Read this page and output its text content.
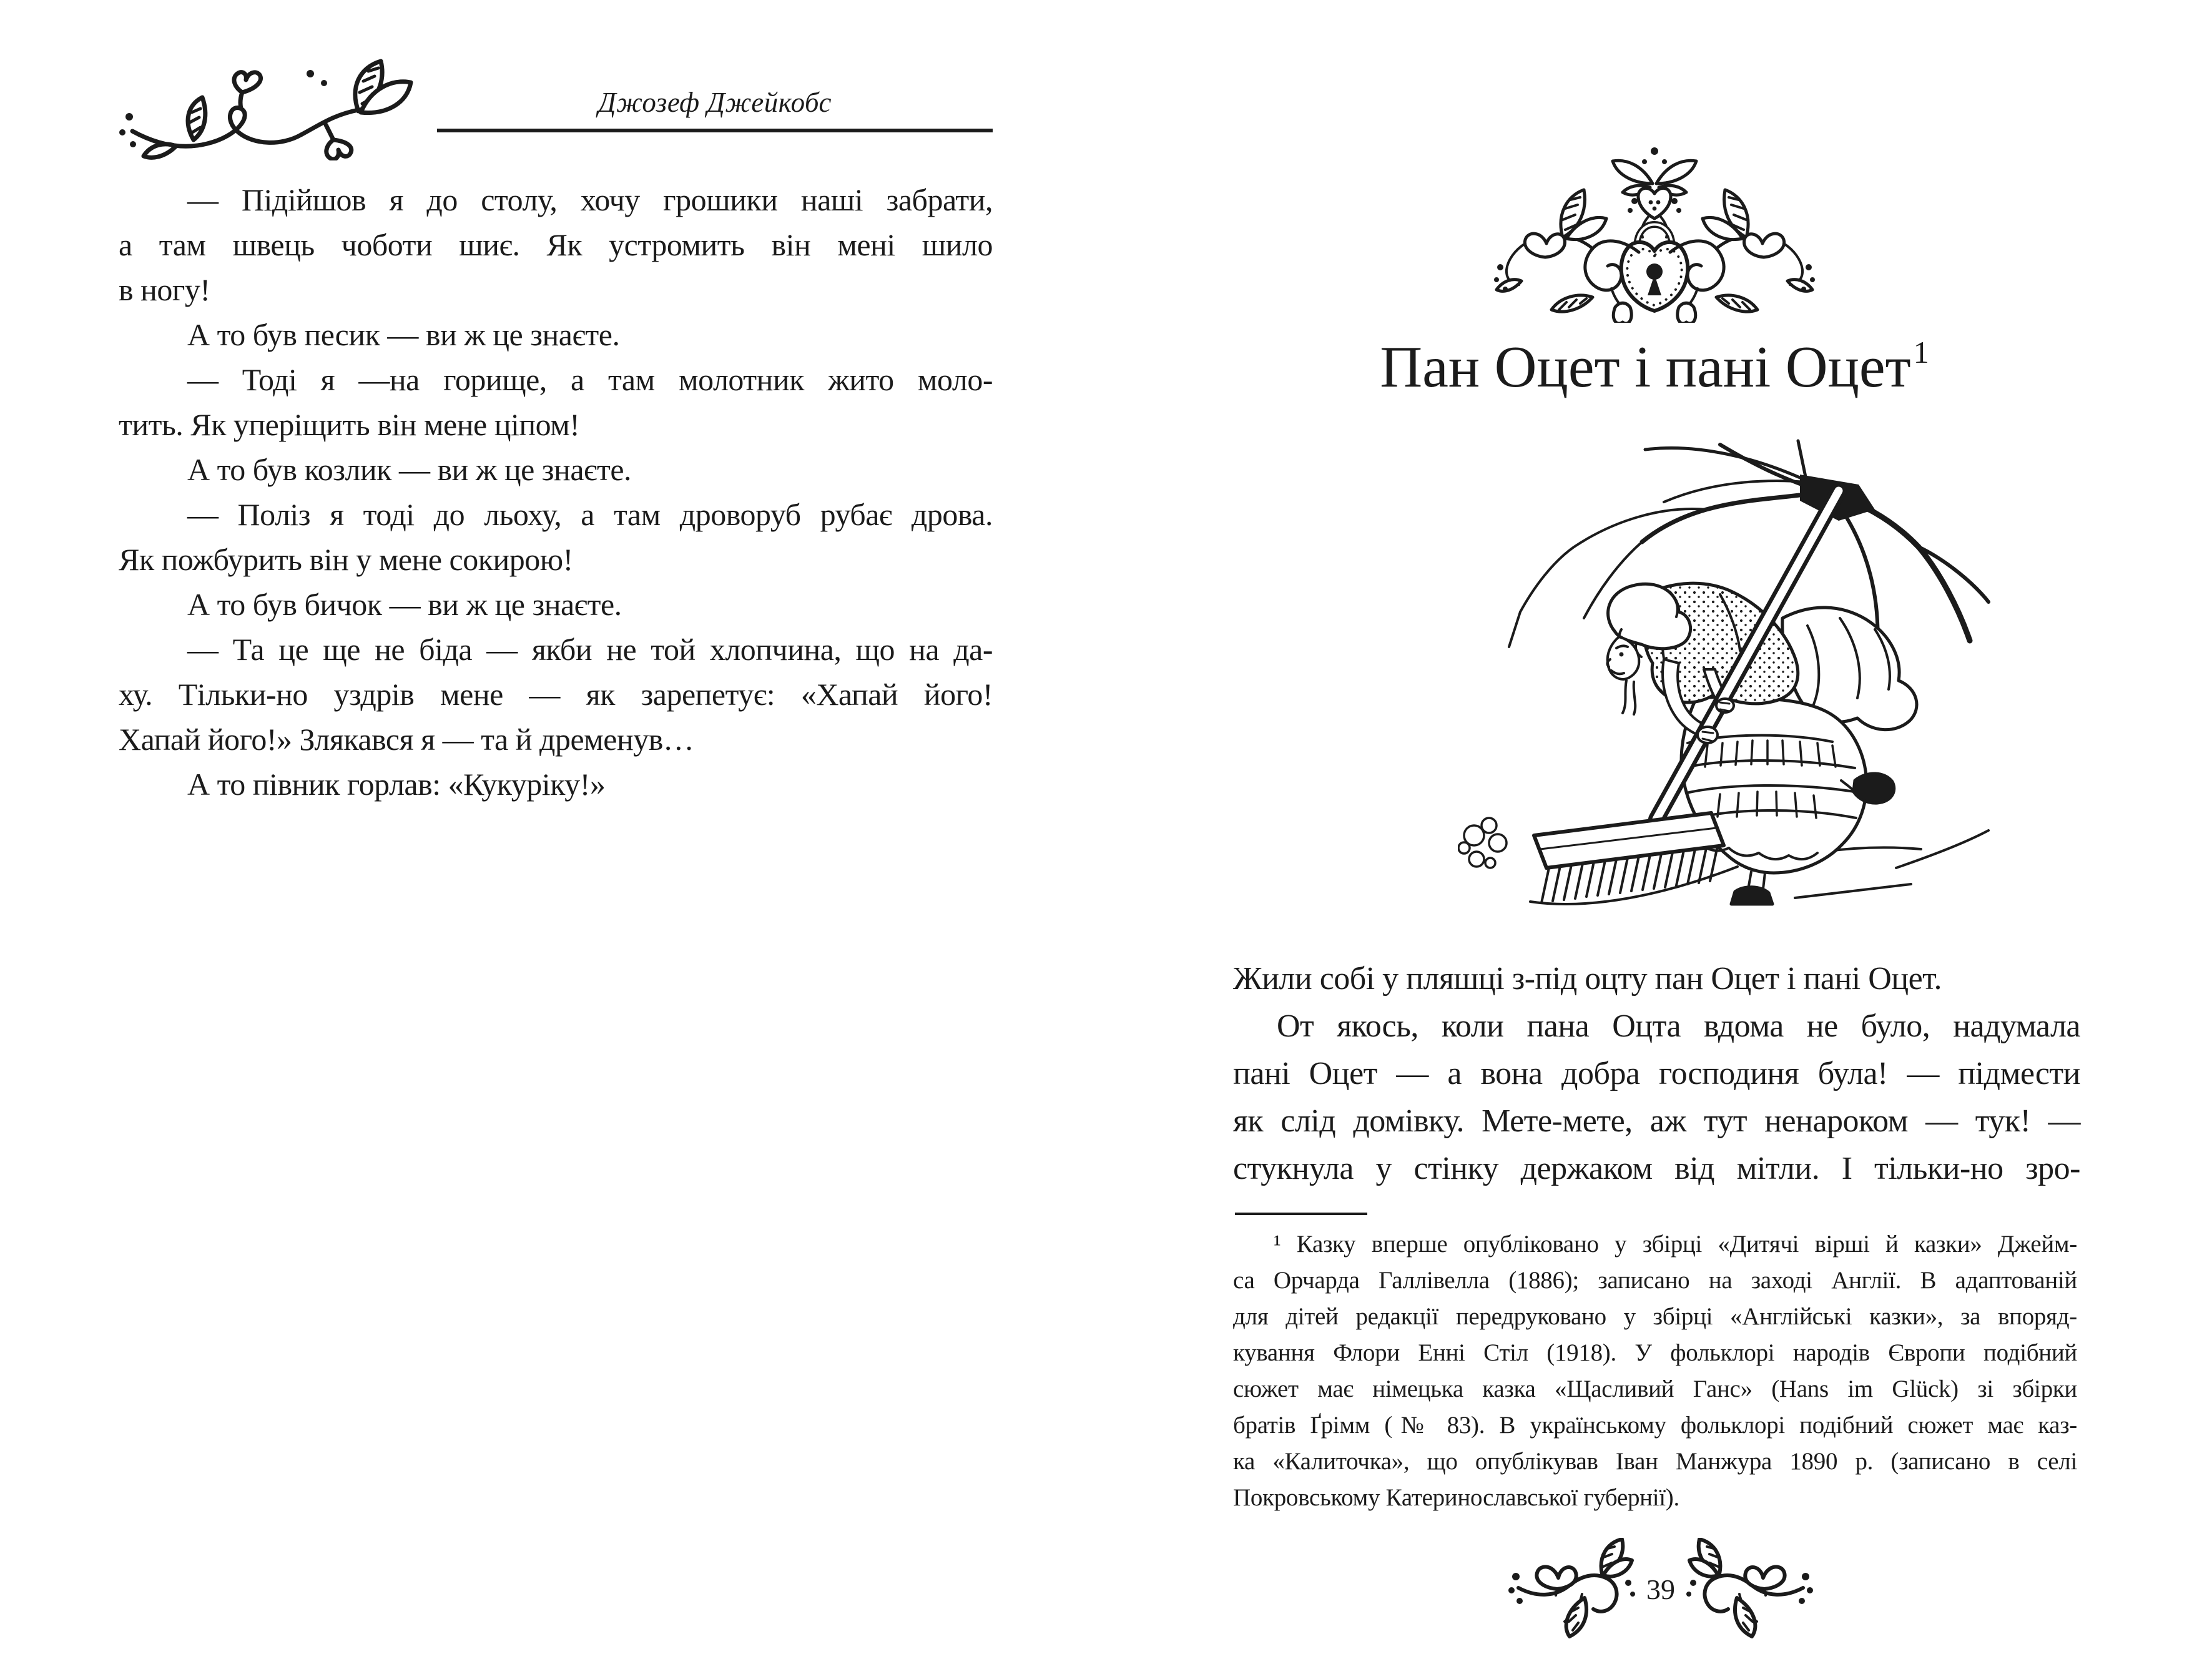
Джозеф Джейкобс
— Підійшов я до столу, хочу грошики наші забрати,
а там швець чоботи шиє. Як устромить він мені шило
в ногу!
А то був песик — ви ж це знаєте.
— Тоді я —на горище, а там молотник жито моло-
тить. Як уперіщить він мене ціпом!
А то був козлик — ви ж це знаєте.
— Поліз я тоді до льоху, а там дроворуб рубає дрова.
Як пожбурить він у мене сокирою!
А то був бичок — ви ж це знаєте.
— Та це ще не біда — якби не той хлопчина, що на да-
ху. Тільки-но уздрів мене — як зарепетує: «Хапай його!
Хапай його!» Злякався я — та й дременув…
А то півник горлав: «Кукуріку!»
Пан Оцет і пані Оцет$^1$
Жили собі у пляшці з-під оцту пан Оцет і пані Оцет.
От якось, коли пана Оцта вдома не було, надумала
пані Оцет — а вона добра господиня була! — підмести
як слід домівку. Мете-мете, аж тут ненароком — тук! —
стукнула у стінку держаком від мітли. І тільки-но зро-
¹ Казку вперше опубліковано у збірці «Дитячі вірші й казки» Джейм-
са Орчарда Галлівелла (1886); записано на заході Англії. В адаптованій
для дітей редакції передруковано у збірці «Англійські казки», за впоряд-
кування Флори Енні Стіл (1918). У фольклорі народів Європи подібний
сюжет має німецька казка «Щасливий Ганс» (Hans im Glück) зі збірки
братів Ґрімм (№ 83). В українському фольклорі подібний сюжет має каз-
ка «Калиточка», що опублікував Іван Манжура 1890 р. (записано в селі
Покровському Катеринославської губернії).
39
